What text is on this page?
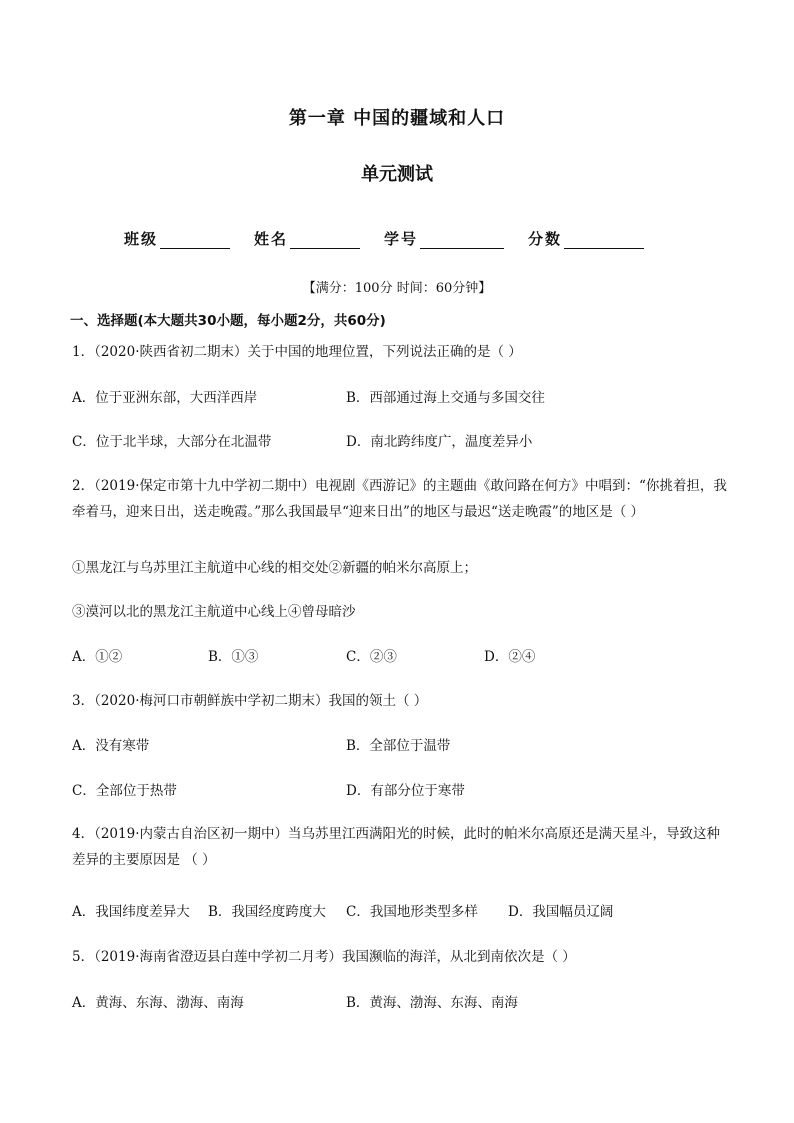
第一章 中国的疆域和人口
单元测试
班级	姓名	学号	分数
【满分：100分 时间：60分钟】
一、选择题(本大题共30小题，每小题2分，共60分)
1．（2020·陕西省初二期末）关于中国的地理位置，下列说法正确的是（ ）
A．位于亚洲东部，大西洋西岸	B．西部通过海上交通与多国交往
C．位于北半球，大部分在北温带	D．南北跨纬度广，温度差异小
2．（2019·保定市第十九中学初二期中）电视剧《西游记》的主题曲《敢问路在何方》中唱到：“你挑着担，我牵着马，迎来日出，送走晚霞。”那么我国最早“迎来日出”的地区与最迟“送走晚霞”的地区是（ ）
①黑龙江与乌苏里江主航道中心线的相交处②新疆的帕米尔高原上；
③漠河以北的黑龙江主航道中心线上④曾母暗沙
A．①②	B．①③	C．②③	D．②④
3．（2020·梅河口市朝鲜族中学初二期末）我国的领土（ ）
A．没有寒带	B．全部位于温带
C．全部位于热带	D．有部分位于寒带
4．（2019·内蒙古自治区初一期中）当乌苏里江西满阳光的时候，此时的帕米尔高原还是满天星斗，导致这种差异的主要原因是 （ ）
A．我国纬度差异大 B．我国经度跨度大 C．我国地形类型多样 D．我国幅员辽阔
5．（2019·海南省澄迈县白莲中学初二月考）我国濒临的海洋，从北到南依次是（ ）
A．黄海、东海、渤海、南海	B．黄海、渤海、东海、南海
